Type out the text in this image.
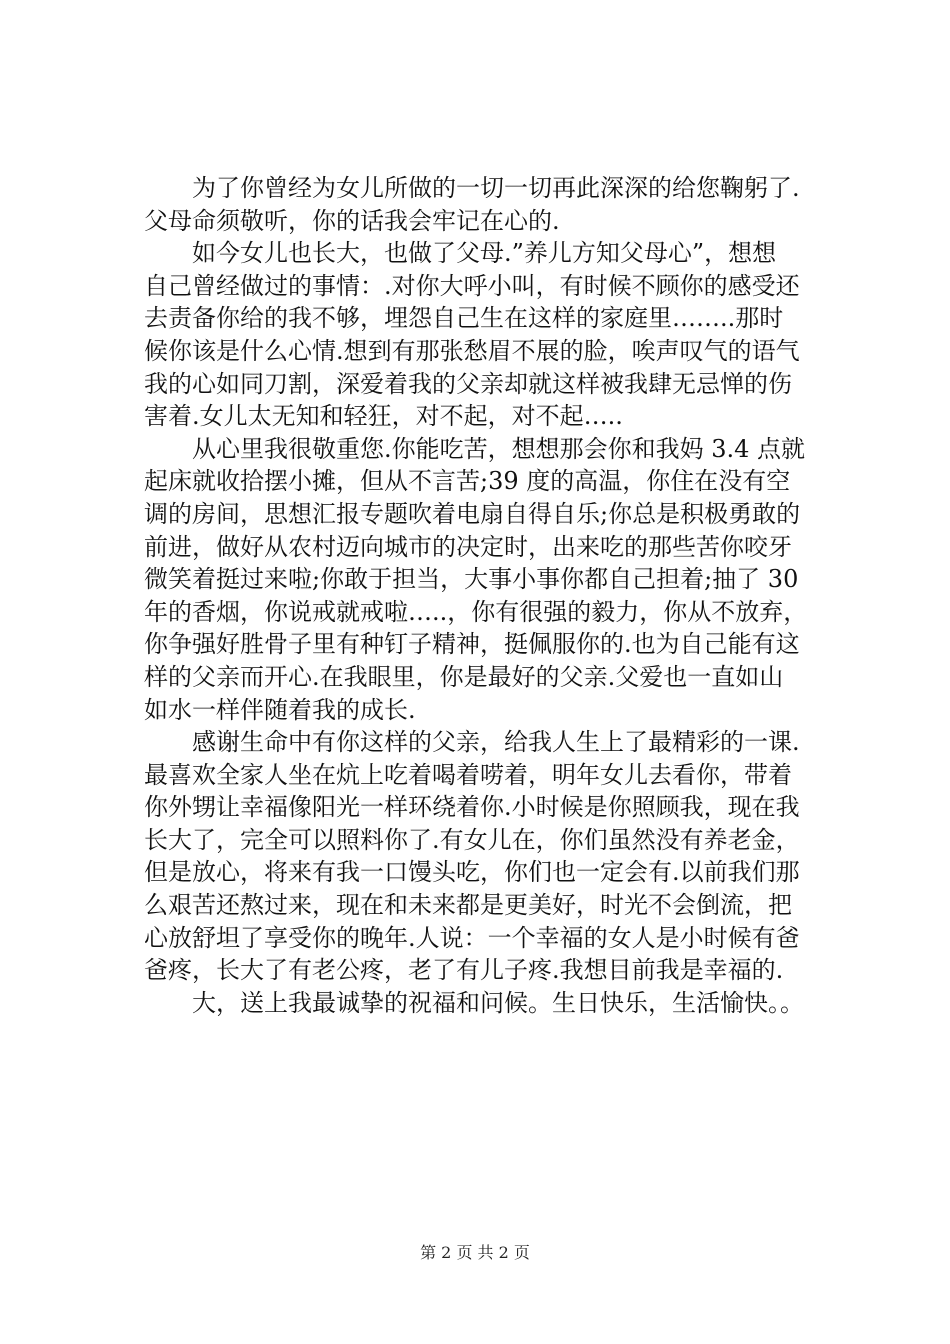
　　为了你曾经为女儿所做的一切一切再此深深的给您鞠躬了.
父母命须敬听，你的话我会牢记在心的.
　　如今女儿也长大，也做了父母.”养儿方知父母心”，想想
自己曾经做过的事情：.对你大呼小叫，有时候不顾你的感受还
去责备你给的我不够，埋怨自己生在这样的家庭里……..那时
候你该是什么心情.想到有那张愁眉不展的脸，唉声叹气的语气
我的心如同刀割，深爱着我的父亲却就这样被我肆无忌惮的伤
害着.女儿太无知和轻狂，对不起，对不起…..
　　从心里我很敬重您.你能吃苦，想想那会你和我妈 3.4 点就
起床就收拾摆小摊，但从不言苦;39 度的高温，你住在没有空
调的房间，思想汇报专题吹着电扇自得自乐;你总是积极勇敢的
前进，做好从农村迈向城市的决定时，出来吃的那些苦你咬牙
微笑着挺过来啦;你敢于担当，大事小事你都自己担着;抽了 30
年的香烟，你说戒就戒啦…..，你有很强的毅力，你从不放弃，
你争强好胜骨子里有种钉子精神，挺佩服你的.也为自己能有这
样的父亲而开心.在我眼里，你是最好的父亲.父爱也一直如山
如水一样伴随着我的成长.
　　感谢生命中有你这样的父亲，给我人生上了最精彩的一课.
最喜欢全家人坐在炕上吃着喝着唠着，明年女儿去看你，带着
你外甥让幸福像阳光一样环绕着你.小时候是你照顾我，现在我
长大了，完全可以照料你了.有女儿在，你们虽然没有养老金，
但是放心，将来有我一口馒头吃，你们也一定会有.以前我们那
么艰苦还熬过来，现在和未来都是更美好，时光不会倒流，把
心放舒坦了享受你的晚年.人说：一个幸福的女人是小时候有爸
爸疼，长大了有老公疼，老了有儿子疼.我想目前我是幸福的.
　　大，送上我最诚挚的祝福和问候。生日快乐，生活愉快。。
第 2 页 共 2 页
